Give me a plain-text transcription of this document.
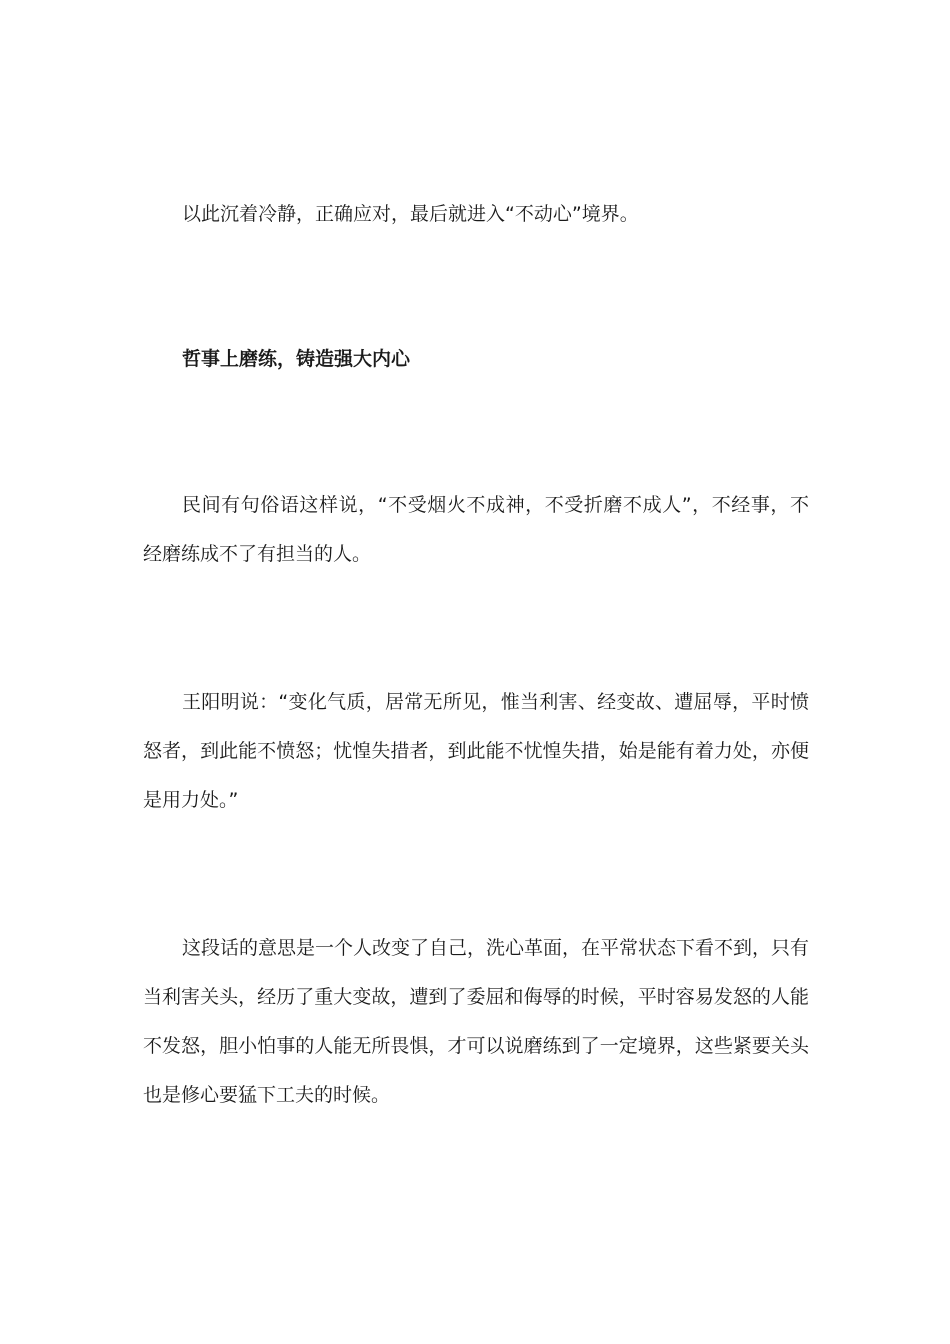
以此沉着冷静，正确应对，最后就进入“不动心”境界。

哲事上磨练，铸造强大内心

民间有句俗语这样说，“不受烟火不成神，不受折磨不成人”，不经事，不经磨练成不了有担当的人。

王阳明说：“变化气质，居常无所见，惟当利害、经变故、遭屈辱，平时愤怒者，到此能不愤怒；忧惶失措者，到此能不忧惶失措，始是能有着力处，亦便是用力处。”

这段话的意思是一个人改变了自己，洗心革面，在平常状态下看不到，只有当利害关头，经历了重大变故，遭到了委屈和侮辱的时候，平时容易发怒的人能不发怒，胆小怕事的人能无所畏惧，才可以说磨练到了一定境界，这些紧要关头也是修心要猛下工夫的时候。
